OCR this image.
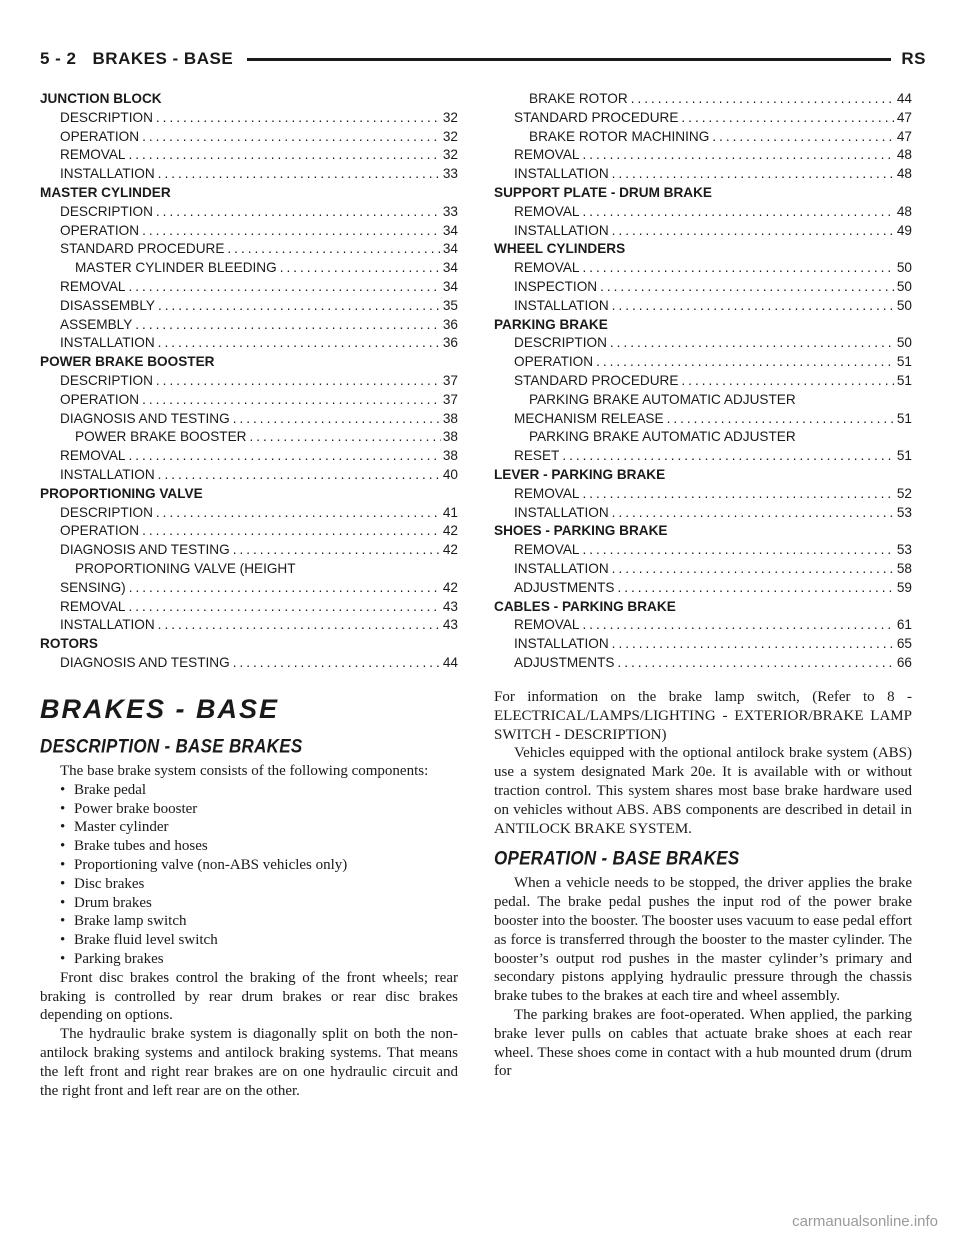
5 - 2 BRAKES - BASE	RS
JUNCTION BLOCK
DESCRIPTION .....	32
OPERATION .....	32
REMOVAL .....	32
INSTALLATION .....	33
MASTER CYLINDER
DESCRIPTION .....	33
OPERATION .....	34
STANDARD PROCEDURE .....	34
MASTER CYLINDER BLEEDING .....	34
REMOVAL .....	34
DISASSEMBLY .....	35
ASSEMBLY .....	36
INSTALLATION .....	36
POWER BRAKE BOOSTER
DESCRIPTION .....	37
OPERATION .....	37
DIAGNOSIS AND TESTING .....	38
POWER BRAKE BOOSTER .....	38
REMOVAL .....	38
INSTALLATION .....	40
PROPORTIONING VALVE
DESCRIPTION .....	41
OPERATION .....	42
DIAGNOSIS AND TESTING .....	42
PROPORTIONING VALVE (HEIGHT
SENSING) .....	42
REMOVAL .....	43
INSTALLATION .....	43
ROTORS
DIAGNOSIS AND TESTING .....	44
BRAKE ROTOR .....	44
STANDARD PROCEDURE .....	47
BRAKE ROTOR MACHINING .....	47
REMOVAL .....	48
INSTALLATION .....	48
SUPPORT PLATE - DRUM BRAKE
REMOVAL .....	48
INSTALLATION .....	49
WHEEL CYLINDERS
REMOVAL .....	50
INSPECTION .....	50
INSTALLATION .....	50
PARKING BRAKE
DESCRIPTION .....	50
OPERATION .....	51
STANDARD PROCEDURE .....	51
PARKING BRAKE AUTOMATIC ADJUSTER
MECHANISM RELEASE .....	51
PARKING BRAKE AUTOMATIC ADJUSTER
RESET .....	51
LEVER - PARKING BRAKE
REMOVAL .....	52
INSTALLATION .....	53
SHOES - PARKING BRAKE
REMOVAL .....	53
INSTALLATION .....	58
ADJUSTMENTS .....	59
CABLES - PARKING BRAKE
REMOVAL .....	61
INSTALLATION .....	65
ADJUSTMENTS .....	66
BRAKES - BASE
DESCRIPTION - BASE BRAKES

The base brake system consists of the following components:

• Brake pedal
• Power brake booster
• Master cylinder
• Brake tubes and hoses
• Proportioning valve (non-ABS vehicles only)
• Disc brakes
• Drum brakes
• Brake lamp switch
• Brake fluid level switch
• Parking brakes

Front disc brakes control the braking of the front wheels; rear braking is controlled by rear drum brakes or rear disc brakes depending on options.

The hydraulic brake system is diagonally split on both the non-antilock braking systems and antilock braking systems. That means the left front and right rear brakes are on one hydraulic circuit and the right front and left rear are on the other.

For information on the brake lamp switch, (Refer to 8 - ELECTRICAL/LAMPS/LIGHTING - EXTERIOR/BRAKE LAMP SWITCH - DESCRIPTION)

Vehicles equipped with the optional antilock brake system (ABS) use a system designated Mark 20e. It is available with or without traction control. This system shares most base brake hardware used on vehicles without ABS. ABS components are described in detail in ANTILOCK BRAKE SYSTEM.

OPERATION - BASE BRAKES

When a vehicle needs to be stopped, the driver applies the brake pedal. The brake pedal pushes the input rod of the power brake booster into the booster. The booster uses vacuum to ease pedal effort as force is transferred through the booster to the master cylinder. The booster’s output rod pushes in the master cylinder’s primary and secondary pistons applying hydraulic pressure through the chassis brake tubes to the brakes at each tire and wheel assembly.

The parking brakes are foot-operated. When applied, the parking brake lever pulls on cables that actuate brake shoes at each rear wheel. These shoes come in contact with a hub mounted drum (drum for

carmanualsonline.info
